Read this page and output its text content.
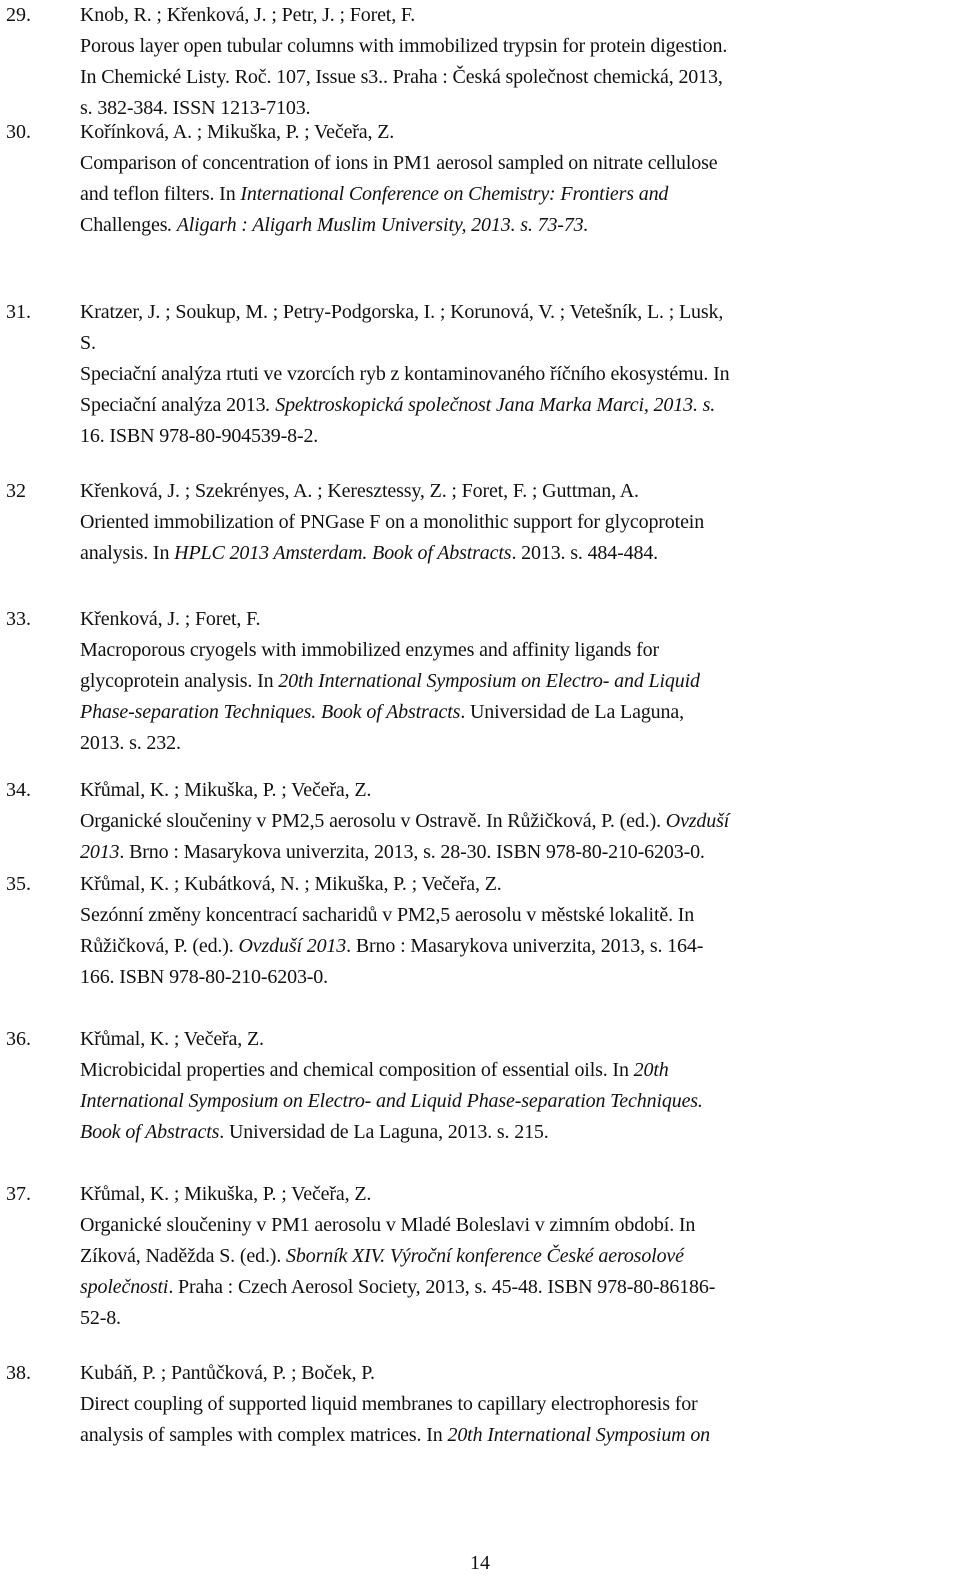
29. Knob, R. ; Křenková, J. ; Petr, J. ; Foret, F.
Porous layer open tubular columns with immobilized trypsin for protein digestion.
In Chemické Listy. Roč. 107, Issue s3.. Praha : Česká společnost chemická, 2013,
s. 382-384. ISSN 1213-7103.
30. Kořínková, A. ; Mikuška, P. ; Večeřa, Z.
Comparison of concentration of ions in PM1 aerosol sampled on nitrate cellulose
and teflon filters. In International Conference on Chemistry: Frontiers and
Challenges. Aligarh : Aligarh Muslim University, 2013. s. 73-73.
31. Kratzer, J. ; Soukup, M. ; Petry-Podgorska, I. ; Korunová, V. ; Vetešník, L. ; Lusk,
S.
Speciační analýza rtuti ve vzorcích ryb z kontaminovaného říčního ekosystému. In
Speciační analýza 2013. Spektroskopická společnost Jana Marka Marci, 2013. s.
16. ISBN 978-80-904539-8-2.
32	Křenková, J. ; Szekrényes, A. ; Keresztessy, Z. ; Foret, F. ; Guttman, A.
Oriented immobilization of PNGase F on a monolithic support for glycoprotein
analysis. In HPLC 2013 Amsterdam. Book of Abstracts. 2013. s. 484-484.
33. Křenková, J. ; Foret, F.
Macroporous cryogels with immobilized enzymes and affinity ligands for
glycoprotein analysis. In 20th International Symposium on Electro- and Liquid
Phase-separation Techniques. Book of Abstracts. Universidad de La Laguna,
2013. s. 232.
34. Křůmal, K. ; Mikuška, P. ; Večeřa, Z.
Organické sloučeniny v PM2,5 aerosolu v Ostravě. In Růžičková, P. (ed.). Ovzduší
2013. Brno : Masarykova univerzita, 2013, s. 28-30. ISBN 978-80-210-6203-0.
35. Křůmal, K. ; Kubátková, N. ; Mikuška, P. ; Večeřa, Z.
Sezónní změny koncentrací sacharidů v PM2,5 aerosolu v městské lokalitě. In
Růžičková, P. (ed.). Ovzduší 2013. Brno : Masarykova univerzita, 2013, s. 164-
166. ISBN 978-80-210-6203-0.
36. Křůmal, K. ; Večeřa, Z.
Microbicidal properties and chemical composition of essential oils. In 20th
International Symposium on Electro- and Liquid Phase-separation Techniques.
Book of Abstracts. Universidad de La Laguna, 2013. s. 215.
37. Křůmal, K. ; Mikuška, P. ; Večeřa, Z.
Organické sloučeniny v PM1 aerosolu v Mladé Boleslavi v zimním období. In
Zíková, Naděžda S. (ed.). Sborník XIV. Výroční konference České aerosolové
společnosti. Praha : Czech Aerosol Society, 2013, s. 45-48. ISBN 978-80-86186-
52-8.
38. Kubáň, P. ; Pantůčková, P. ; Boček, P.
Direct coupling of supported liquid membranes to capillary electrophoresis for
analysis of samples with complex matrices. In 20th International Symposium on
14
